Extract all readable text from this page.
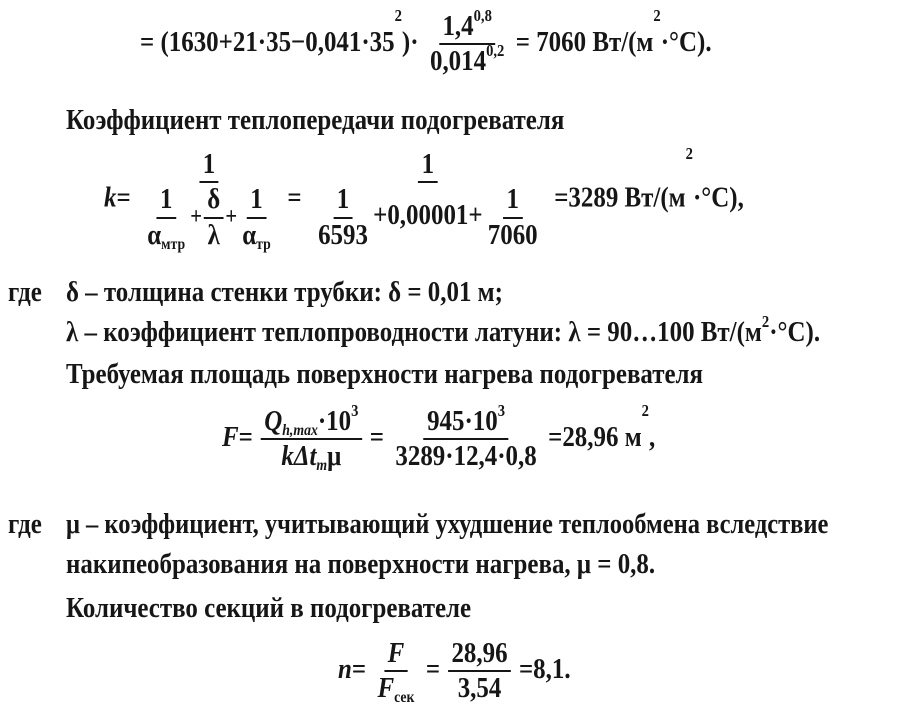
= $(1630+21\cdot 35-0,041\cdot 35^2)\cdot \frac{1,4^{0,8}}{0,014^{0,2}} = 7060$ $Вт/(м^2\cdot^\circ C)$.
Коэффициент теплопередачи подогревателя
$k= \frac{1}{\frac{1}{\alpha_{мтр}} + \frac{\delta}{\lambda} + \frac{1}{\alpha_{тр}}} = \frac{1}{\frac{1}{6593} +0,00001+ \frac{1}{7060}} =3289$ $Вт/(м^2\cdot^\circ C)$,
где δ – толщина стенки трубки: δ = 0,01 м;
λ – коэффициент теплопроводности латуни: λ = 90…100 $Вт/(м^2\cdot^\circ C)$.
Требуемая площадь поверхности нагрева подогревателя
$F= \frac{Q_{h,max}\cdot 10^3}{k\Delta t_m\mu} = \frac{945\cdot 10^3}{3289\cdot 12,4\cdot 0,8} =28,96$ $м^2$,
где μ – коэффициент, учитывающий ухудшение теплообмена вследствие
накипеобразования на поверхности нагрева, μ = 0,8.
Количество секций в подогревателе
$n= \frac{F}{F_{сек}} = \frac{28,96}{3,54} =8,1$.
